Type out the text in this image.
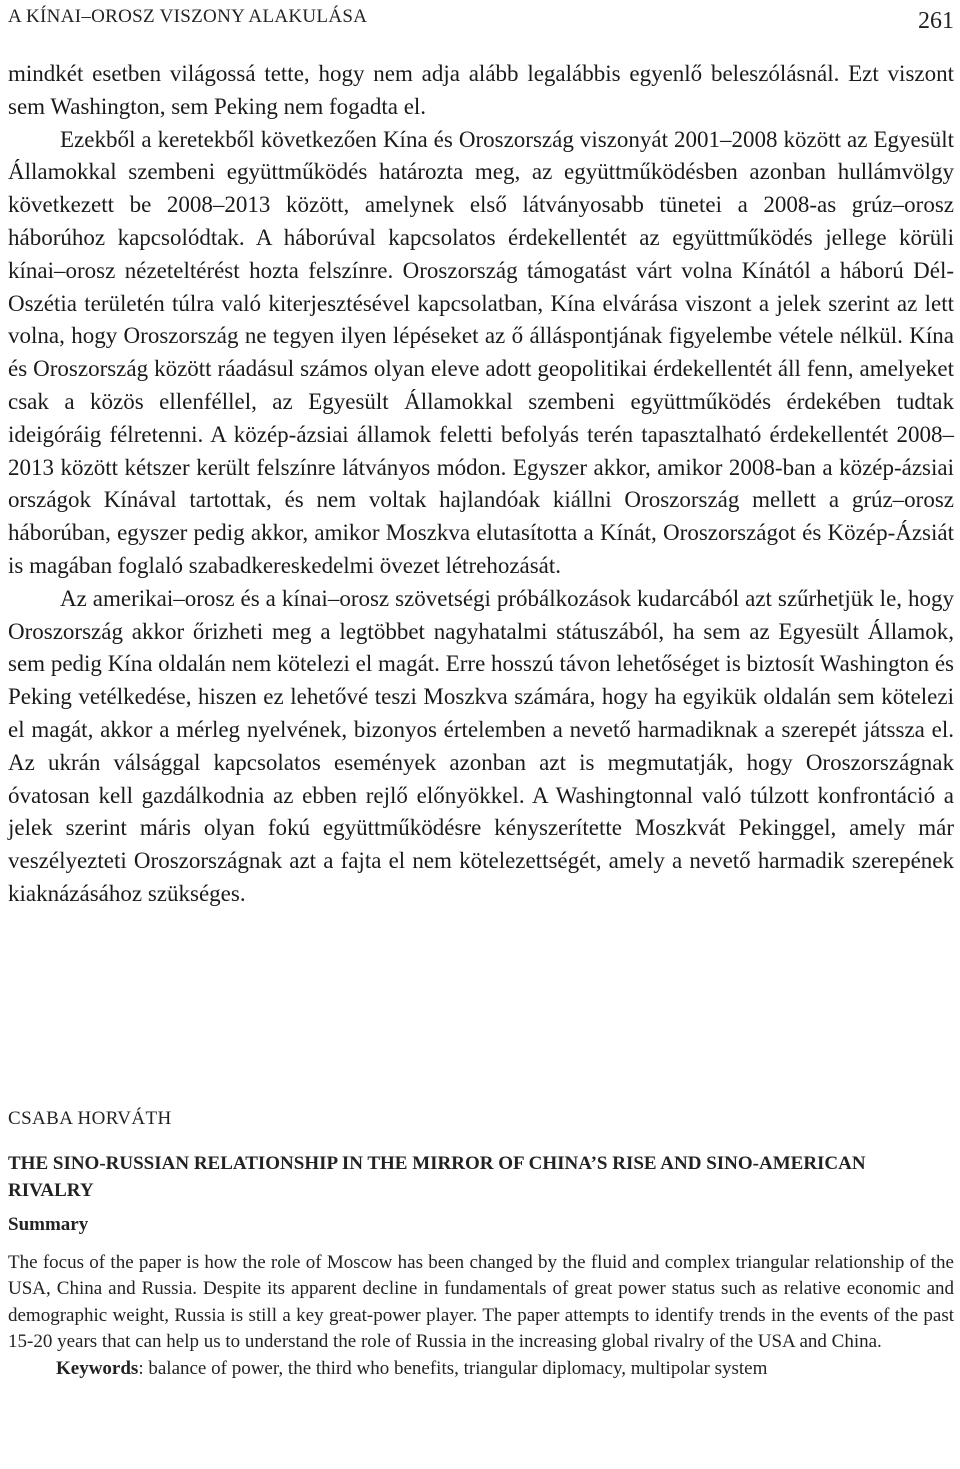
A KÍNAI–OROSZ VISZONY ALAKULÁSA	261

mindkét esetben világossá tette, hogy nem adja alább legalábbis egyenlő beleszólásnál. Ezt viszont sem Washington, sem Peking nem fogadta el.

Ezekből a keretekből következően Kína és Oroszország viszonyát 2001–2008 között az Egyesült Államokkal szembeni együttműködés határozta meg, az együttműködésben azonban hullámvölgy következett be 2008–2013 között, amelynek első látványosabb tünetei a 2008-as grúz–orosz háborúhoz kapcsolódtak. A háborúval kapcsolatos érdekellentét az együttműködés jellege körüli kínai–orosz nézeteltérést hozta felszínre. Oroszország támogatást várt volna Kínától a háború Dél-Oszétia területén túlra való kiterjesztésével kapcsolatban, Kína elvárása viszont a jelek szerint az lett volna, hogy Oroszország ne tegyen ilyen lépéseket az ő álláspontjának figyelembe vétele nélkül. Kína és Oroszország között ráadásul számos olyan eleve adott geopolitikai érdekellentét áll fenn, amelyeket csak a közös ellenféllel, az Egyesült Államokkal szembeni együttműködés érdekében tudtak ideigóráig félretenni. A közép-ázsiai államok feletti befolyás terén tapasztalható érdekellentét 2008–2013 között kétszer került felszínre látványos módon. Egyszer akkor, amikor 2008-ban a közép-ázsiai országok Kínával tartottak, és nem voltak hajlandóak kiállni Oroszország mellett a grúz–orosz háborúban, egyszer pedig akkor, amikor Moszkva elutasította a Kínát, Oroszországot és Közép-Ázsiát is magában foglaló szabadkereskedelmi övezet létrehozását.

Az amerikai–orosz és a kínai–orosz szövetségi próbálkozások kudarcából azt szűrhetjük le, hogy Oroszország akkor őrizheti meg a legtöbbet nagyhatalmi státuszából, ha sem az Egyesült Államok, sem pedig Kína oldalán nem kötelezi el magát. Erre hosszú távon lehetőséget is biztosít Washington és Peking vetélkedése, hiszen ez lehetővé teszi Moszkva számára, hogy ha egyikük oldalán sem kötelezi el magát, akkor a mérleg nyelvének, bizonyos értelemben a nevető harmadiknak a szerepét játssza el. Az ukrán válsággal kapcsolatos események azonban azt is megmutatják, hogy Oroszországnak óvatosan kell gazdálkodnia az ebben rejlő előnyökkel. A Washingtonnal való túlzott konfrontáció a jelek szerint máris olyan fokú együttműködésre kényszerítette Moszkvát Pekinggel, amely már veszélyezteti Oroszországnak azt a fajta el nem kötelezettségét, amely a nevető harmadik szerepének kiaknázásához szükséges.

CSABA HORVÁTH
THE SINO-RUSSIAN RELATIONSHIP IN THE MIRROR OF CHINA’S RISE AND SINO-AMERICAN RIVALRY
Summary

The focus of the paper is how the role of Moscow has been changed by the fluid and complex triangular relationship of the USA, China and Russia. Despite its apparent decline in fundamentals of great power status such as relative economic and demographic weight, Russia is still a key great-power player. The paper attempts to identify trends in the events of the past 15-20 years that can help us to understand the role of Russia in the increasing global rivalry of the USA and China.

Keywords: balance of power, the third who benefits, triangular diplomacy, multipolar system
